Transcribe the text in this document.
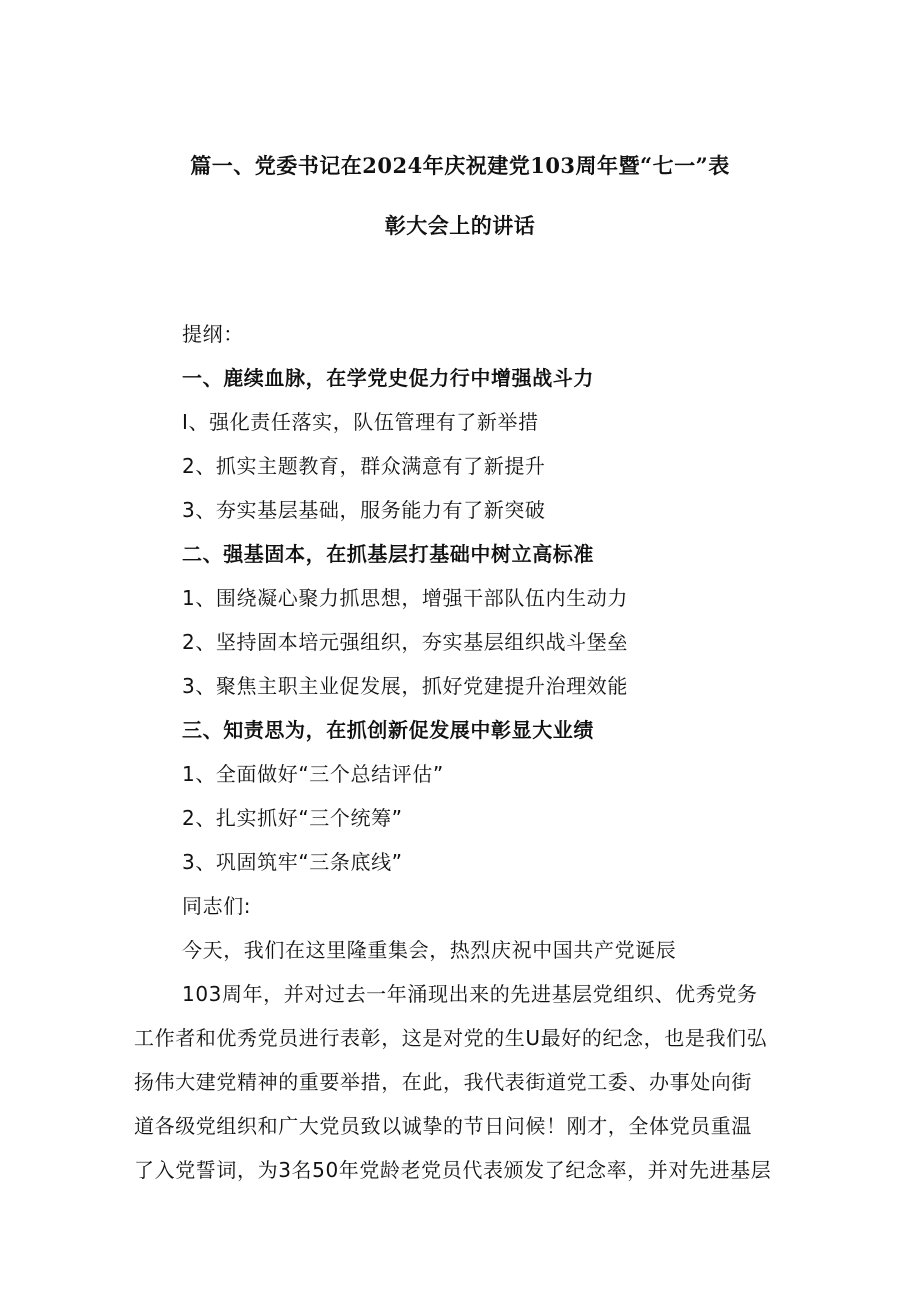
篇一、党委书记在2024年庆祝建党103周年暨“七一”表
彰大会上的讲话
提纲：
一、鹿续血脉，在学党史促力行中增强战斗力
I、强化责任落实，队伍管理有了新举措
2、抓实主题教育，群众满意有了新提升
3、夯实基层基础，服务能力有了新突破
二、强基固本，在抓基层打基础中树立高标准
1、围绕凝心聚力抓思想，增强干部队伍内生动力
2、坚持固本培元强组织，夯实基层组织战斗堡垒
3、聚焦主职主业促发展，抓好党建提升治理效能
三、知责思为，在抓创新促发展中彰显大业绩
1、全面做好“三个总结评估”
2、扎实抓好“三个统筹”
3、巩固筑牢“三条底线”
同志们:
今天，我们在这里隆重集会，热烈庆祝中国共产党诞辰
103周年，并对过去一年涌现出来的先进基层党组织、优秀党务
工作者和优秀党员进行表彰，这是对党的生U最好的纪念，也是我们弘
扬伟大建党精神的重要举措，在此，我代表街道党工委、办事处向街
道各级党组织和广大党员致以诚挚的节日问候！刚才，全体党员重温
了入党誓词，为3名50年党龄老党员代表颁发了纪念率，并对先进基层
